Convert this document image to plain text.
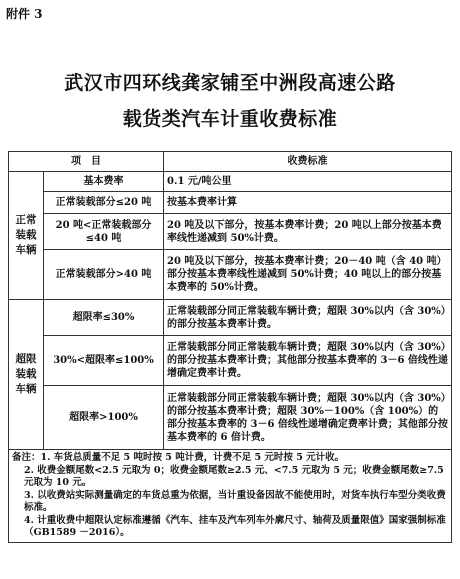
附件 3
武汉市四环线龚家铺至中洲段高速公路
载货类汽车计重收费标准
项　目		收费标准
正常装载车辆	基本费率	0.1 元/吨公里
	正常装载部分≤20 吨	按基本费率计算
	20 吨<正常装载部分≤40 吨	20 吨及以下部分，按基本费率计费；20 吨以上部分按基本费率线性递减到 50%计费。
	正常装载部分>40 吨	20 吨及以下部分，按基本费率计费；20－40 吨（含 40 吨）部分按基本费率线性递减到 50%计费；40 吨以上的部分按基本费率的 50%计费。
超限装载车辆	超限率≤30%	正常装载部分同正常装载车辆计费；超限 30%以内（含 30%）的部分按基本费率计费。
	30%<超限率≤100%	正常装载部分同正常装载车辆计费；超限 30%以内（含 30%）的部分按基本费率计费；其他部分按基本费率的 3－6 倍线性递增确定费率计费。
	超限率>100%	正常装载部分同正常装载车辆计费；超限 30%以内（含 30%）的部分按基本费率计费；超限 30%－100%（含 100%）的部分按基本费率的 3－6 倍线性递增确定费率计费；其他部分按基本费率的 6 倍计费。

备注：1. 车货总质量不足 5 吨时按 5 吨计费，计费不足 5 元时按 5 元计收。
2. 收费金额尾数<2.5 元取为 0；收费金额尾数≥2.5 元、<7.5 元取为 5 元；收费金额尾数≥7.5 元取为 10 元。
3. 以收费站实际测量确定的车货总重为依据，当计重设备因故不能使用时，对货车执行车型分类收费标准。
4. 计重收费中超限认定标准遵循《汽车、挂车及汽车列车外廓尺寸、轴荷及质量限值》国家强制标准（GB1589 －2016）。		
